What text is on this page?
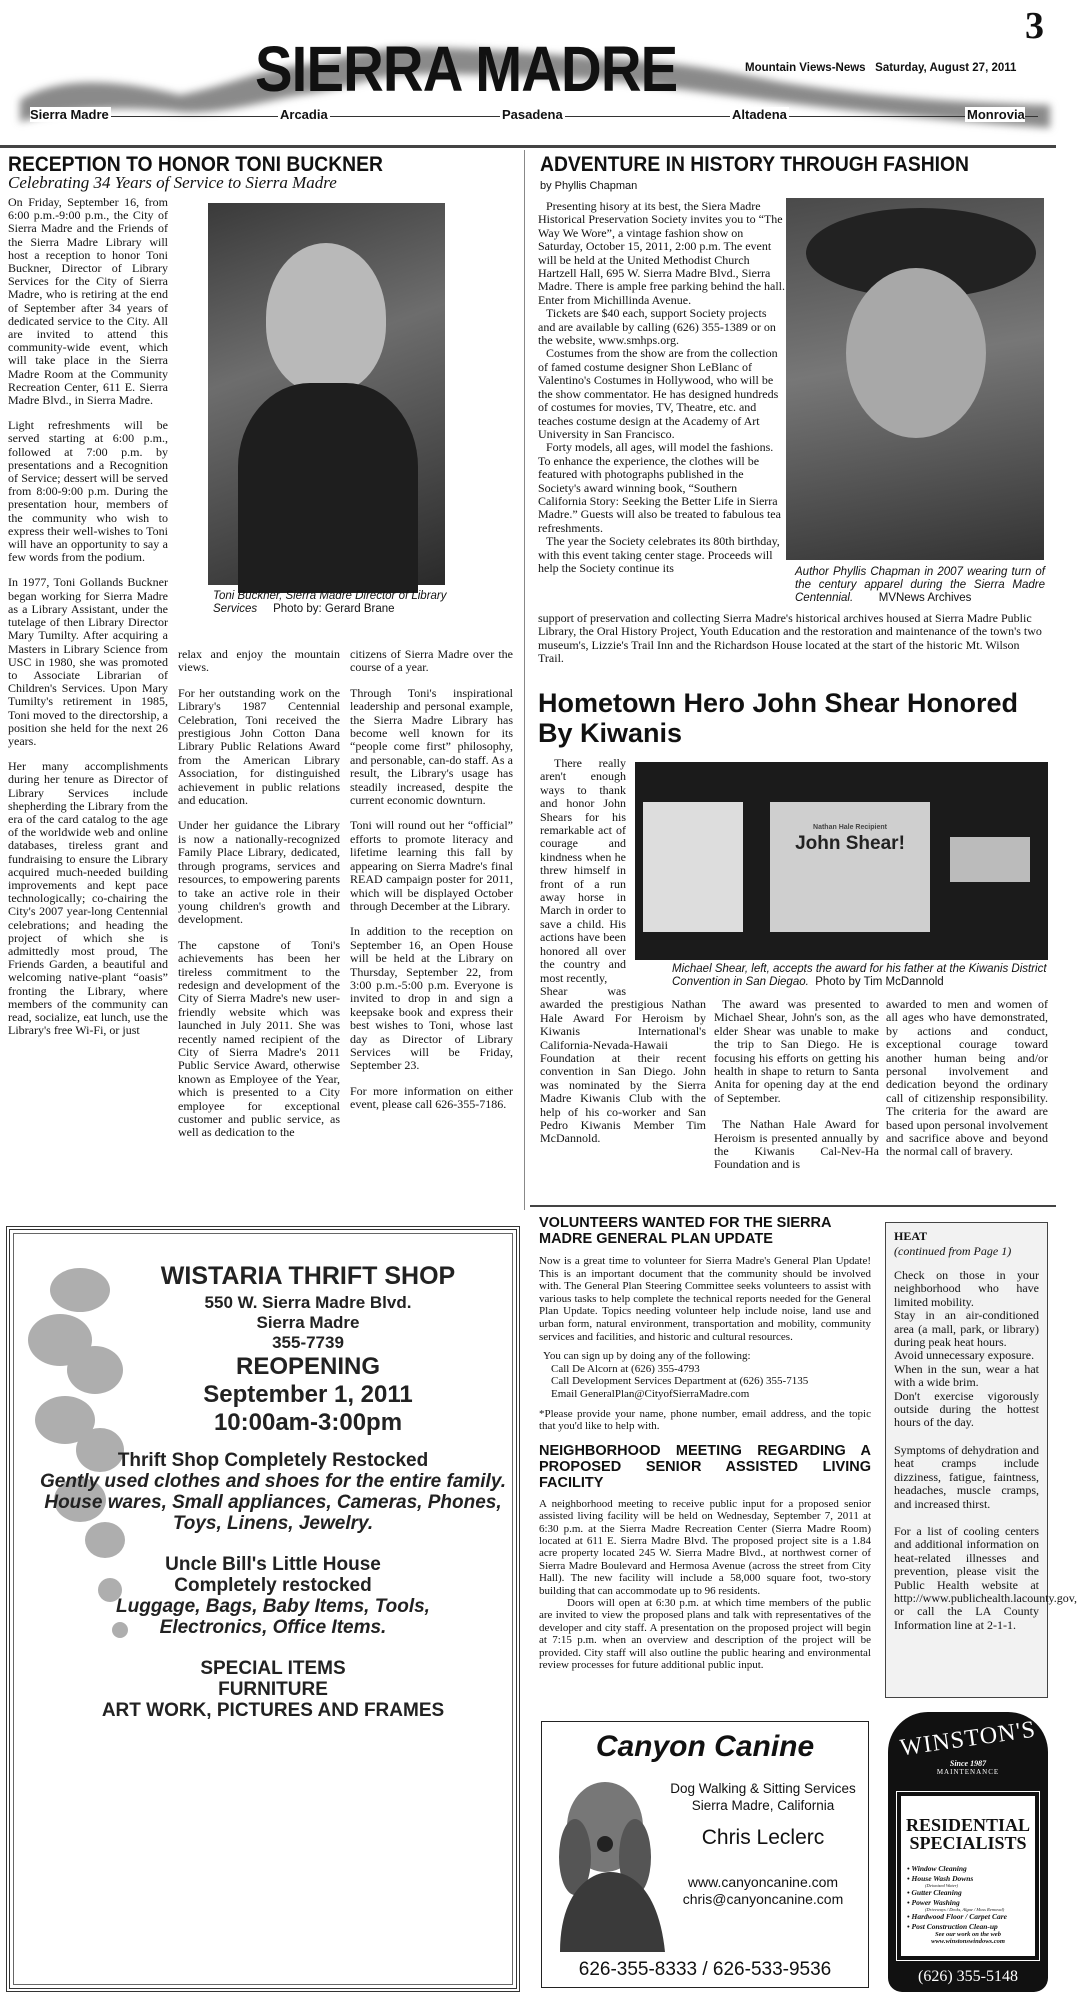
SIERRA MADRE
3
Mountain Views-News Saturday, August 27, 2011
Sierra Madre	Arcadia	Pasadena	Altadena	Monrovia
RECEPTION TO HONOR TONI BUCKNER
Celebrating 34 Years of Service to Sierra Madre

On Friday, September 16, from 6:00 p.m.-9:00 p.m., the City of Sierra Madre and the Friends of the Sierra Madre Library will host a reception to honor Toni Buckner, Director of Library Services for the City of Sierra Madre, who is retiring at the end of September after 34 years of dedicated service to the City. All are invited to attend this community-wide event, which will take place in the Sierra Madre Room at the Community Recreation Center, 611 E. Sierra Madre Blvd., in Sierra Madre.

Light refreshments will be served starting at 6:00 p.m., followed at 7:00 p.m. by presentations and a Recognition of Service; dessert will be served from 8:00-9:00 p.m. During the presentation hour, members of the community who wish to express their well-wishes to Toni will have an opportunity to say a few words from the podium.

In 1977, Toni Gollands Buckner began working for Sierra Madre as a Library Assistant, under the tutelage of then Library Director Mary Tumilty. After acquiring a Masters in Library Science from USC in 1980, she was promoted to Associate Librarian of Children's Services. Upon Mary Tumilty's retirement in 1985, Toni moved to the directorship, a position she held for the next 26 years.

Her many accomplishments during her tenure as Director of Library Services include shepherding the Library from the era of the card catalog to the age of the worldwide web and online databases, tireless grant and fundraising to ensure the Library acquired much-needed building improvements and kept pace technologically; co-chairing the City's 2007 year-long Centennial celebrations; and heading the project of which she is admittedly most proud, The Friends Garden, a beautiful and welcoming native-plant “oasis” fronting the Library, where members of the community can read, socialize, eat lunch, use the Library's free Wi-Fi, or just

Toni Buckner, Sierra Madre Director of Library Services Photo by: Gerard Brane

relax and enjoy the mountain views.

For her outstanding work on the Library's 1987 Centennial Celebration, Toni received the prestigious John Cotton Dana Library Public Relations Award from the American Library Association, for distinguished achievement in public relations and education.

Under her guidance the Library is now a nationally-recognized Family Place Library, dedicated, through programs, services and resources, to empowering parents to take an active role in their young children's growth and development.

The capstone of Toni's achievements has been her tireless commitment to the redesign and development of the City of Sierra Madre's new user-friendly website which was launched in July 2011. She was recently named recipient of the City of Sierra Madre's 2011 Public Service Award, otherwise known as Employee of the Year, which is presented to a City employee for exceptional customer and public service, as well as dedication to the

citizens of Sierra Madre over the course of a year.

Through Toni's inspirational leadership and personal example, the Sierra Madre Library has become well known for its “people come first” philosophy, and personable, can-do staff. As a result, the Library's usage has steadily increased, despite the current economic downturn.

Toni will round out her “official” efforts to promote literacy and lifetime learning this fall by appearing on Sierra Madre's final READ campaign poster for 2011, which will be displayed October through December at the Library.

In addition to the reception on September 16, an Open House will be held at the Library on Thursday, September 22, from 3:00 p.m.-5:00 p.m. Everyone is invited to drop in and sign a keepsake book and express their best wishes to Toni, whose last day as Director of Library Services will be Friday, September 23.

For more information on either event, please call 626-355-7186.

ADVENTURE IN HISTORY THROUGH FASHION
by Phyllis Chapman
Author Phyllis Chapman in 2007 wearing turn of the century apparel during the Sierra Madre Centennial. MVNews Archives

Presenting hisory at its best, the Siera Madre Historical Preservation Society invites you to “The Way We Wore”, a vintage fashion show on Saturday, October 15, 2011, 2:00 p.m. The event will be held at the United Methodist Church Hartzell Hall, 695 W. Sierra Madre Blvd., Sierra Madre. There is ample free parking behind the hall. Enter from Michillinda Avenue.

Tickets are $40 each, support Society projects and are available by calling (626) 355-1389 or on the website, www.smhps.org.

Costumes from the show are from the collection of famed costume designer Shon LeBlanc of Valentino's Costumes in Hollywood, who will be the show commentator. He has designed hundreds of costumes for movies, TV, Theatre, etc. and teaches costume design at the Academy of Art University in San Francisco.

Forty models, all ages, will model the fashions. To enhance the experience, the clothes will be featured with photographs published in the Society's award winning book, “Southern California Story: Seeking the Better Life in Sierra Madre.” Guests will also be treated to fabulous tea refreshments.

The year the Society celebrates its 80th birthday, with this event taking center stage. Proceeds will help the Society continue its

support of preservation and collecting Sierra Madre's historical archives housed at Sierra Madre Public Library, the Oral History Project, Youth Education and the restoration and maintenance of the town's two museum's, Lizzie's Trail Inn and the Richardson House located at the start of the historic Mt. Wilson Trail.
Hometown Hero John Shear Honored By Kiwanis
Nathan Hale Recipient
John Shear!
Michael Shear, left, accepts the award for his father at the Kiwanis District Convention in San Diegao. Photo by Tim McDannold
There really aren't enough ways to thank and honor John Shears for his remarkable act of courage and kindness when he threw himself in front of a run away horse in March in order to save a child. His actions have been honored all over the country and most recently,
Shear was awarded the prestigious Nathan Hale Award For Heroism by Kiwanis International's California-Nevada-Hawaii Foundation at their recent convention in San Diego. John was nominated by the Sierra Madre Kiwanis Club with the help of his co-worker and San Pedro Kiwanis Member Tim McDannold.

The award was presented to Michael Shear, John's son, as the elder Shear was unable to make the trip to San Diego. He is focusing his efforts on getting his health in shape to return to Santa Anita for opening day at the end of September.

The Nathan Hale Award for Heroism is presented annually by the Kiwanis Cal-Nev-Ha Foundation and is

awarded to men and women of all ages who have demonstrated, by actions and conduct, exceptional courage toward another human being and/or personal involvement and dedication beyond the ordinary call of citizenship responsibility. The criteria for the award are based upon personal involvement and sacrifice above and beyond the normal call of bravery.
VOLUNTEERS WANTED FOR THE SIERRA MADRE GENERAL PLAN UPDATE

Now is a great time to volunteer for Sierra Madre's General Plan Update! This is an important document that the community should be involved with. The General Plan Steering Committee seeks volunteers to assist with various tasks to help complete the technical reports needed for the General Plan Update. Topics needing volunteer help include noise, land use and urban form, natural environment, transportation and mobility, community services and facilities, and historic and cultural resources.

You can sign up by doing any of the following:
Call De Alcorn at (626) 355-4793
Call Development Services Department at (626) 355-7135
Email GeneralPlan@CityofSierraMadre.com

*Please provide your name, phone number, email address, and the topic that you'd like to help with.

NEIGHBORHOOD MEETING REGARDING A PROPOSED SENIOR ASSISTED LIVING FACILITY

A neighborhood meeting to receive public input for a proposed senior assisted living facility will be held on Wednesday, September 7, 2011 at 6:30 p.m. at the Sierra Madre Recreation Center (Sierra Madre Room) located at 611 E. Sierra Madre Blvd. The proposed project site is a 1.84 acre property located 245 W. Sierra Madre Blvd., at northwest corner of Sierra Madre Boulevard and Hermosa Avenue (across the street from City Hall). The new facility will include a 58,000 square foot, two-story building that can accommodate up to 96 residents.

Doors will open at 6:30 p.m. at which time members of the public are invited to view the proposed plans and talk with representatives of the developer and city staff. A presentation on the proposed project will begin at 7:15 p.m. when an overview and description of the project will be provided. City staff will also outline the public hearing and environmental review processes for future additional public input.

HEAT
(continued from Page 1)
Check on those in your neighborhood who have limited mobility.
Stay in an air-conditioned area (a mall, park, or library) during peak heat hours.
Avoid unnecessary exposure.
When in the sun, wear a hat with a wide brim.
Don't exercise vigorously outside during the hottest hours of the day.

Symptoms of dehydration and heat cramps include dizziness, fatigue, faintness, headaches, muscle cramps, and increased thirst.

For a list of cooling centers and additional information on heat-related illnesses and prevention, please visit the Public Health website at http://www.publichealth.lacounty.gov, or call the LA County Information line at 2-1-1.

WISTARIA THRIFT SHOP
550 W. Sierra Madre Blvd.
Sierra Madre
355-7739
REOPENING
September 1, 2011
10:00am-3:00pm
Thrift Shop Completely Restocked
Gently used clothes and shoes for the entire family.
House wares, Small appliances, Cameras, Phones, Toys, Linens, Jewelry.
Uncle Bill's Little House
Completely restocked
Luggage, Bags, Baby Items, Tools, Electronics, Office Items.
SPECIAL ITEMS
FURNITURE
ART WORK, PICTURES AND FRAMES
Canyon Canine
Dog Walking & Sitting Services
Sierra Madre, California
Chris Leclerc
www.canyoncanine.com
chris@canyoncanine.com
626-355-8333 / 626-533-9536
WINSTON'S
Since 1987
MAINTENANCE
RESIDENTIAL
SPECIALISTS
• Window Cleaning
• House Wash Downs
(Deionized Water)
• Gutter Cleaning
• Power Washing
(Driveways / Decks, Algae / Moss Removal)
• Hardwood Floor / Carpet Care
• Post Construction Clean-up
See our work on the web
www.winstonswindows.com
(626) 355-5148
